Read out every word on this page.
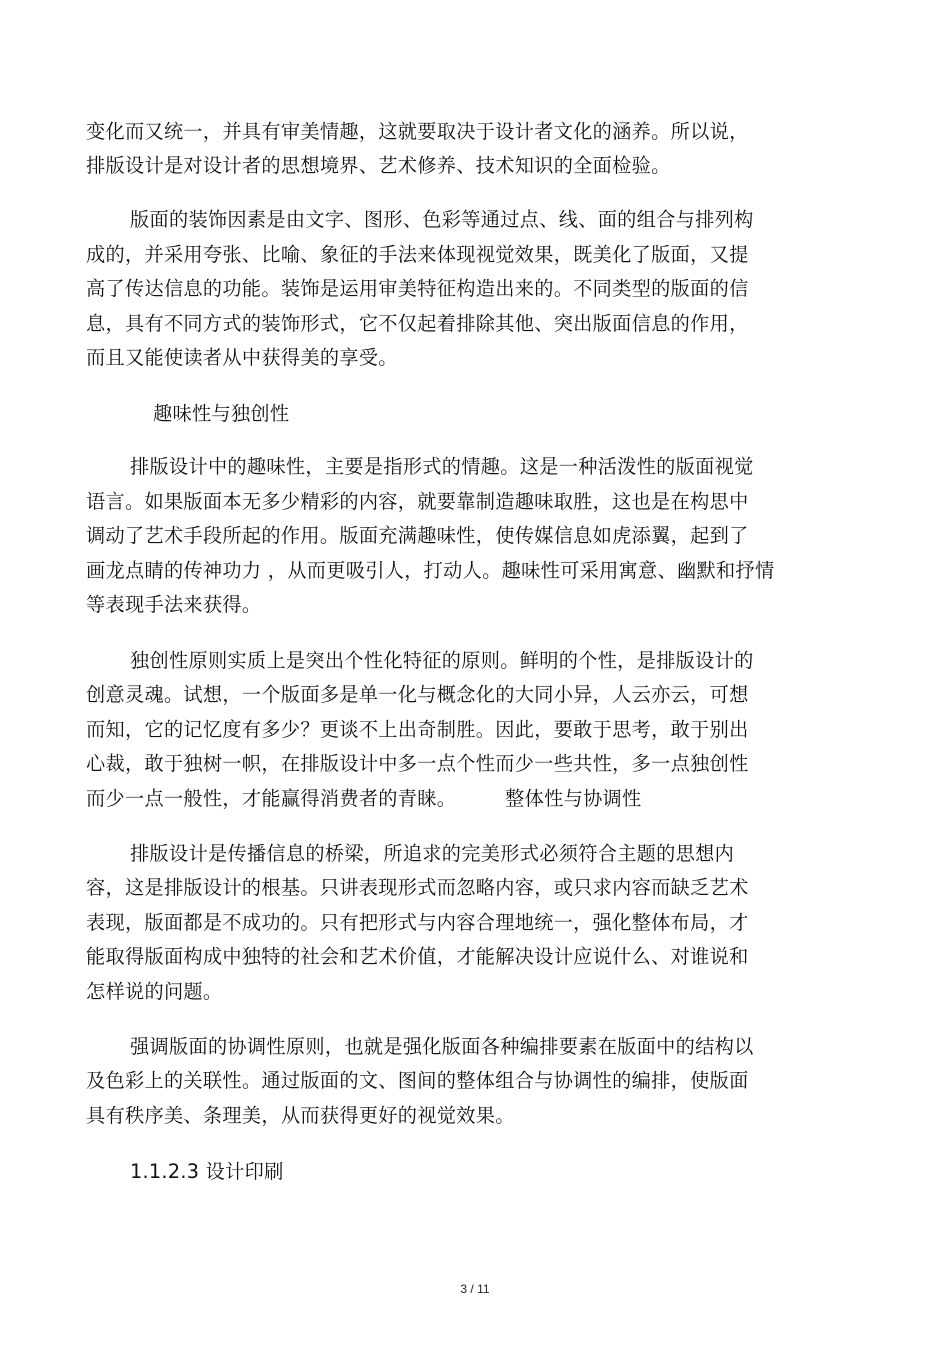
变化而又统一，并具有审美情趣，这就要取决于设计者文化的涵养。所以说，
排版设计是对设计者的思想境界、艺术修养、技术知识的全面检验。
版面的装饰因素是由文字、图形、色彩等通过点、线、面的组合与排列构
成的，并采用夸张、比喻、象征的手法来体现视觉效果，既美化了版面，又提
高了传达信息的功能。装饰是运用审美特征构造出来的。不同类型的版面的信
息，具有不同方式的装饰形式，它不仅起着排除其他、突出版面信息的作用，
而且又能使读者从中获得美的享受。
趣味性与独创性
排版设计中的趣味性，主要是指形式的情趣。这是一种活泼性的版面视觉
语言。如果版面本无多少精彩的内容，就要靠制造趣味取胜，这也是在构思中
调动了艺术手段所起的作用。版面充满趣味性，使传媒信息如虎添翼，起到了
画龙点睛的传神功力 ，从而更吸引人，打动人。趣味性可采用寓意、幽默和抒情
等表现手法来获得。
独创性原则实质上是突出个性化特征的原则。鲜明的个性，是排版设计的
创意灵魂。试想，一个版面多是单一化与概念化的大同小异，人云亦云，可想
而知，它的记忆度有多少？更谈不上出奇制胜。因此，要敢于思考，敢于别出
心裁，敢于独树一帜，在排版设计中多一点个性而少一些共性，多一点独创性
而少一点一般性，才能赢得消费者的青睐。　　　整体性与协调性
排版设计是传播信息的桥梁，所追求的完美形式必须符合主题的思想内
容，这是排版设计的根基。只讲表现形式而忽略内容，或只求内容而缺乏艺术
表现，版面都是不成功的。只有把形式与内容合理地统一，强化整体布局，才
能取得版面构成中独特的社会和艺术价值，才能解决设计应说什么、对谁说和
怎样说的问题。
强调版面的协调性原则，也就是强化版面各种编排要素在版面中的结构以
及色彩上的关联性。通过版面的文、图间的整体组合与协调性的编排，使版面
具有秩序美、条理美，从而获得更好的视觉效果。
1.1.2.3 设计印刷
3 / 11
